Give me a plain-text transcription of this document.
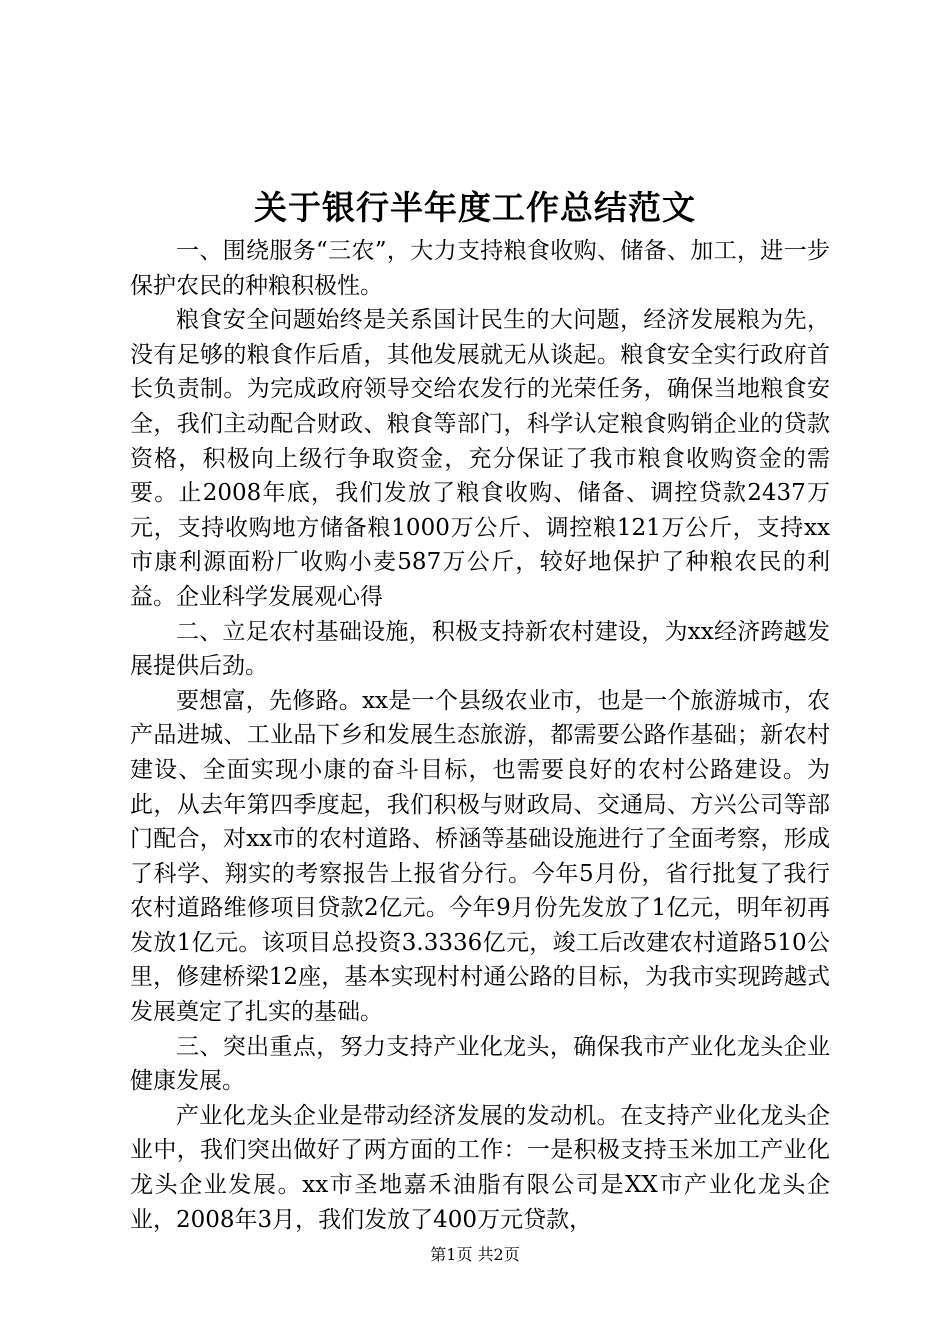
关于银行半年度工作总结范文

一、围绕服务“三农”，大力支持粮食收购、储备、加工，进一步保护农民的种粮积极性。

粮食安全问题始终是关系国计民生的大问题，经济发展粮为先，没有足够的粮食作后盾，其他发展就无从谈起。粮食安全实行政府首长负责制。为完成政府领导交给农发行的光荣任务，确保当地粮食安全，我们主动配合财政、粮食等部门，科学认定粮食购销企业的贷款资格，积极向上级行争取资金，充分保证了我市粮食收购资金的需要。止2008年底，我们发放了粮食收购、储备、调控贷款2437万元，支持收购地方储备粮1000万公斤、调控粮121万公斤，支持xx市康利源面粉厂收购小麦587万公斤，较好地保护了种粮农民的利益。企业科学发展观心得

二、立足农村基础设施，积极支持新农村建设，为xx经济跨越发展提供后劲。

要想富，先修路。xx是一个县级农业市，也是一个旅游城市，农产品进城、工业品下乡和发展生态旅游，都需要公路作基础；新农村建设、全面实现小康的奋斗目标，也需要良好的农村公路建设。为此，从去年第四季度起，我们积极与财政局、交通局、方兴公司等部门配合，对xx市的农村道路、桥涵等基础设施进行了全面考察，形成了科学、翔实的考察报告上报省分行。今年5月份，省行批复了我行农村道路维修项目贷款2亿元。今年9月份先发放了1亿元，明年初再发放1亿元。该项目总投资3.3336亿元，竣工后改建农村道路510公里，修建桥梁12座，基本实现村村通公路的目标，为我市实现跨越式发展奠定了扎实的基础。

三、突出重点，努力支持产业化龙头，确保我市产业化龙头企业健康发展。

产业化龙头企业是带动经济发展的发动机。在支持产业化龙头企业中，我们突出做好了两方面的工作：一是积极支持玉米加工产业化龙头企业发展。xx市圣地嘉禾油脂有限公司是XX市产业化龙头企业，2008年3月，我们发放了400万元贷款，

第1页 共2页
